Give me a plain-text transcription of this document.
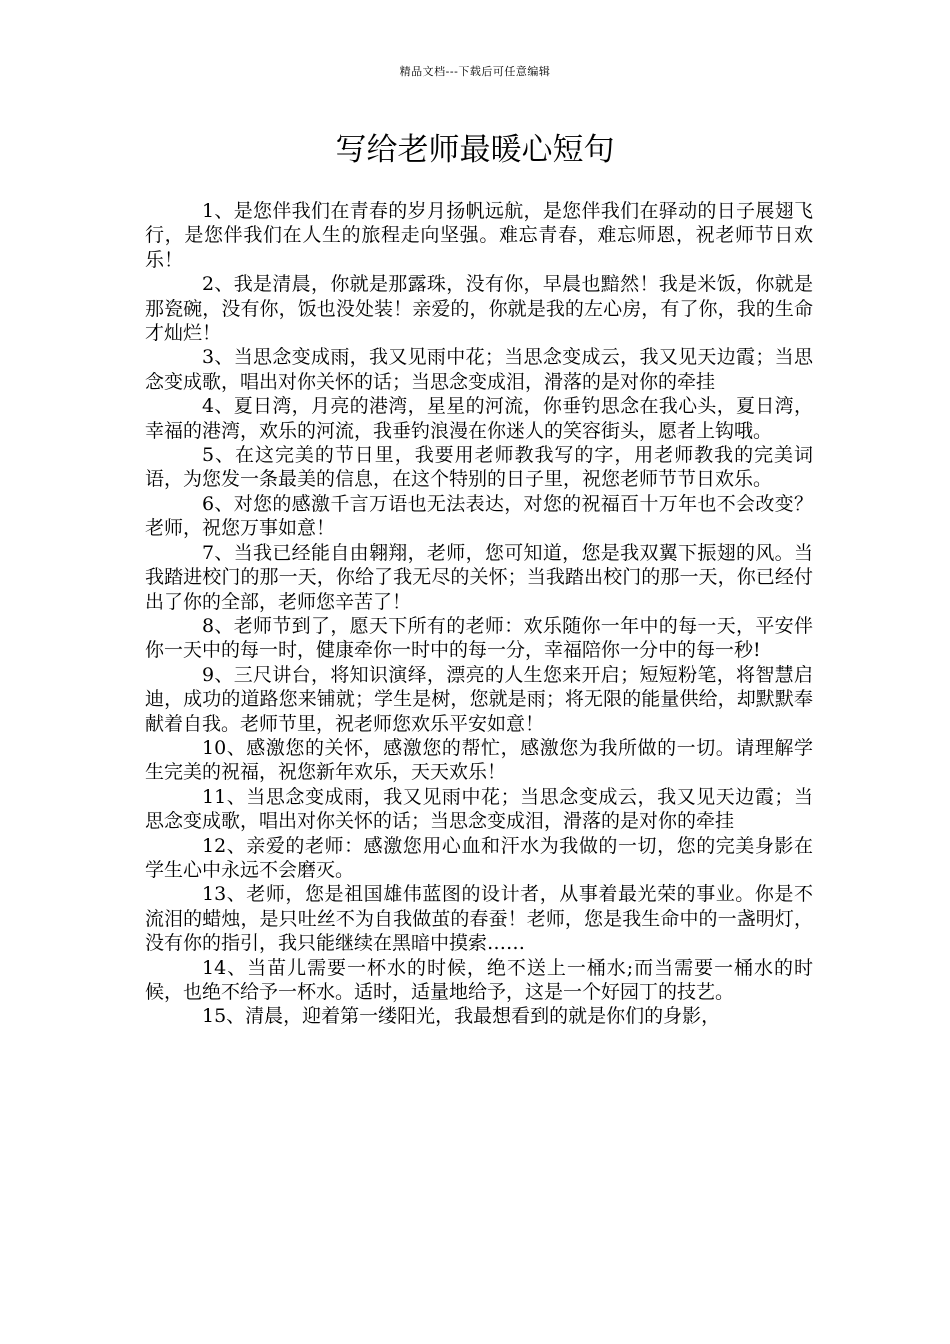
精品文档---下载后可任意编辑
写给老师最暖心短句

1、是您伴我们在青春的岁月扬帆远航，是您伴我们在驿动的日子展翅飞行，是您伴我们在人生的旅程走向坚强。难忘青春，难忘师恩，祝老师节日欢乐！

2、我是清晨，你就是那露珠，没有你，早晨也黯然！我是米饭，你就是那瓷碗，没有你，饭也没处装！亲爱的，你就是我的左心房，有了你，我的生命才灿烂！

3、当思念变成雨，我又见雨中花；当思念变成云，我又见天边霞；当思念变成歌，唱出对你关怀的话；当思念变成泪，滑落的是对你的牵挂

4、夏日湾，月亮的港湾，星星的河流，你垂钓思念在我心头，夏日湾，幸福的港湾，欢乐的河流，我垂钓浪漫在你迷人的笑容街头，愿者上钩哦。

5、在这完美的节日里，我要用老师教我写的字，用老师教我的完美词语，为您发一条最美的信息，在这个特别的日子里，祝您老师节节日欢乐。

6、对您的感激千言万语也无法表达，对您的祝福百十万年也不会改变？老师，祝您万事如意！

7、当我已经能自由翱翔，老师，您可知道，您是我双翼下振翅的风。当我踏进校门的那一天，你给了我无尽的关怀；当我踏出校门的那一天，你已经付出了你的全部，老师您辛苦了！

8、老师节到了，愿天下所有的老师：欢乐随你一年中的每一天，平安伴你一天中的每一时，健康牵你一时中的每一分，幸福陪你一分中的每一秒!

9、三尺讲台，将知识演绎，漂亮的人生您来开启；短短粉笔，将智慧启迪，成功的道路您来铺就；学生是树，您就是雨；将无限的能量供给，却默默奉献着自我。老师节里，祝老师您欢乐平安如意！

10、感激您的关怀，感激您的帮忙，感激您为我所做的一切。请理解学生完美的祝福，祝您新年欢乐，天天欢乐！

11、当思念变成雨，我又见雨中花；当思念变成云，我又见天边霞；当思念变成歌，唱出对你关怀的话；当思念变成泪，滑落的是对你的牵挂

12、亲爱的老师：感激您用心血和汗水为我做的一切，您的完美身影在学生心中永远不会磨灭。

13、老师，您是祖国雄伟蓝图的设计者，从事着最光荣的事业。你是不流泪的蜡烛，是只吐丝不为自我做茧的春蚕！老师，您是我生命中的一盏明灯，没有你的指引，我只能继续在黑暗中摸索……

14、当苗儿需要一杯水的时候，绝不送上一桶水;而当需要一桶水的时候，也绝不给予一杯水。适时，适量地给予，这是一个好园丁的技艺。

15、清晨，迎着第一缕阳光，我最想看到的就是你们的身影，
